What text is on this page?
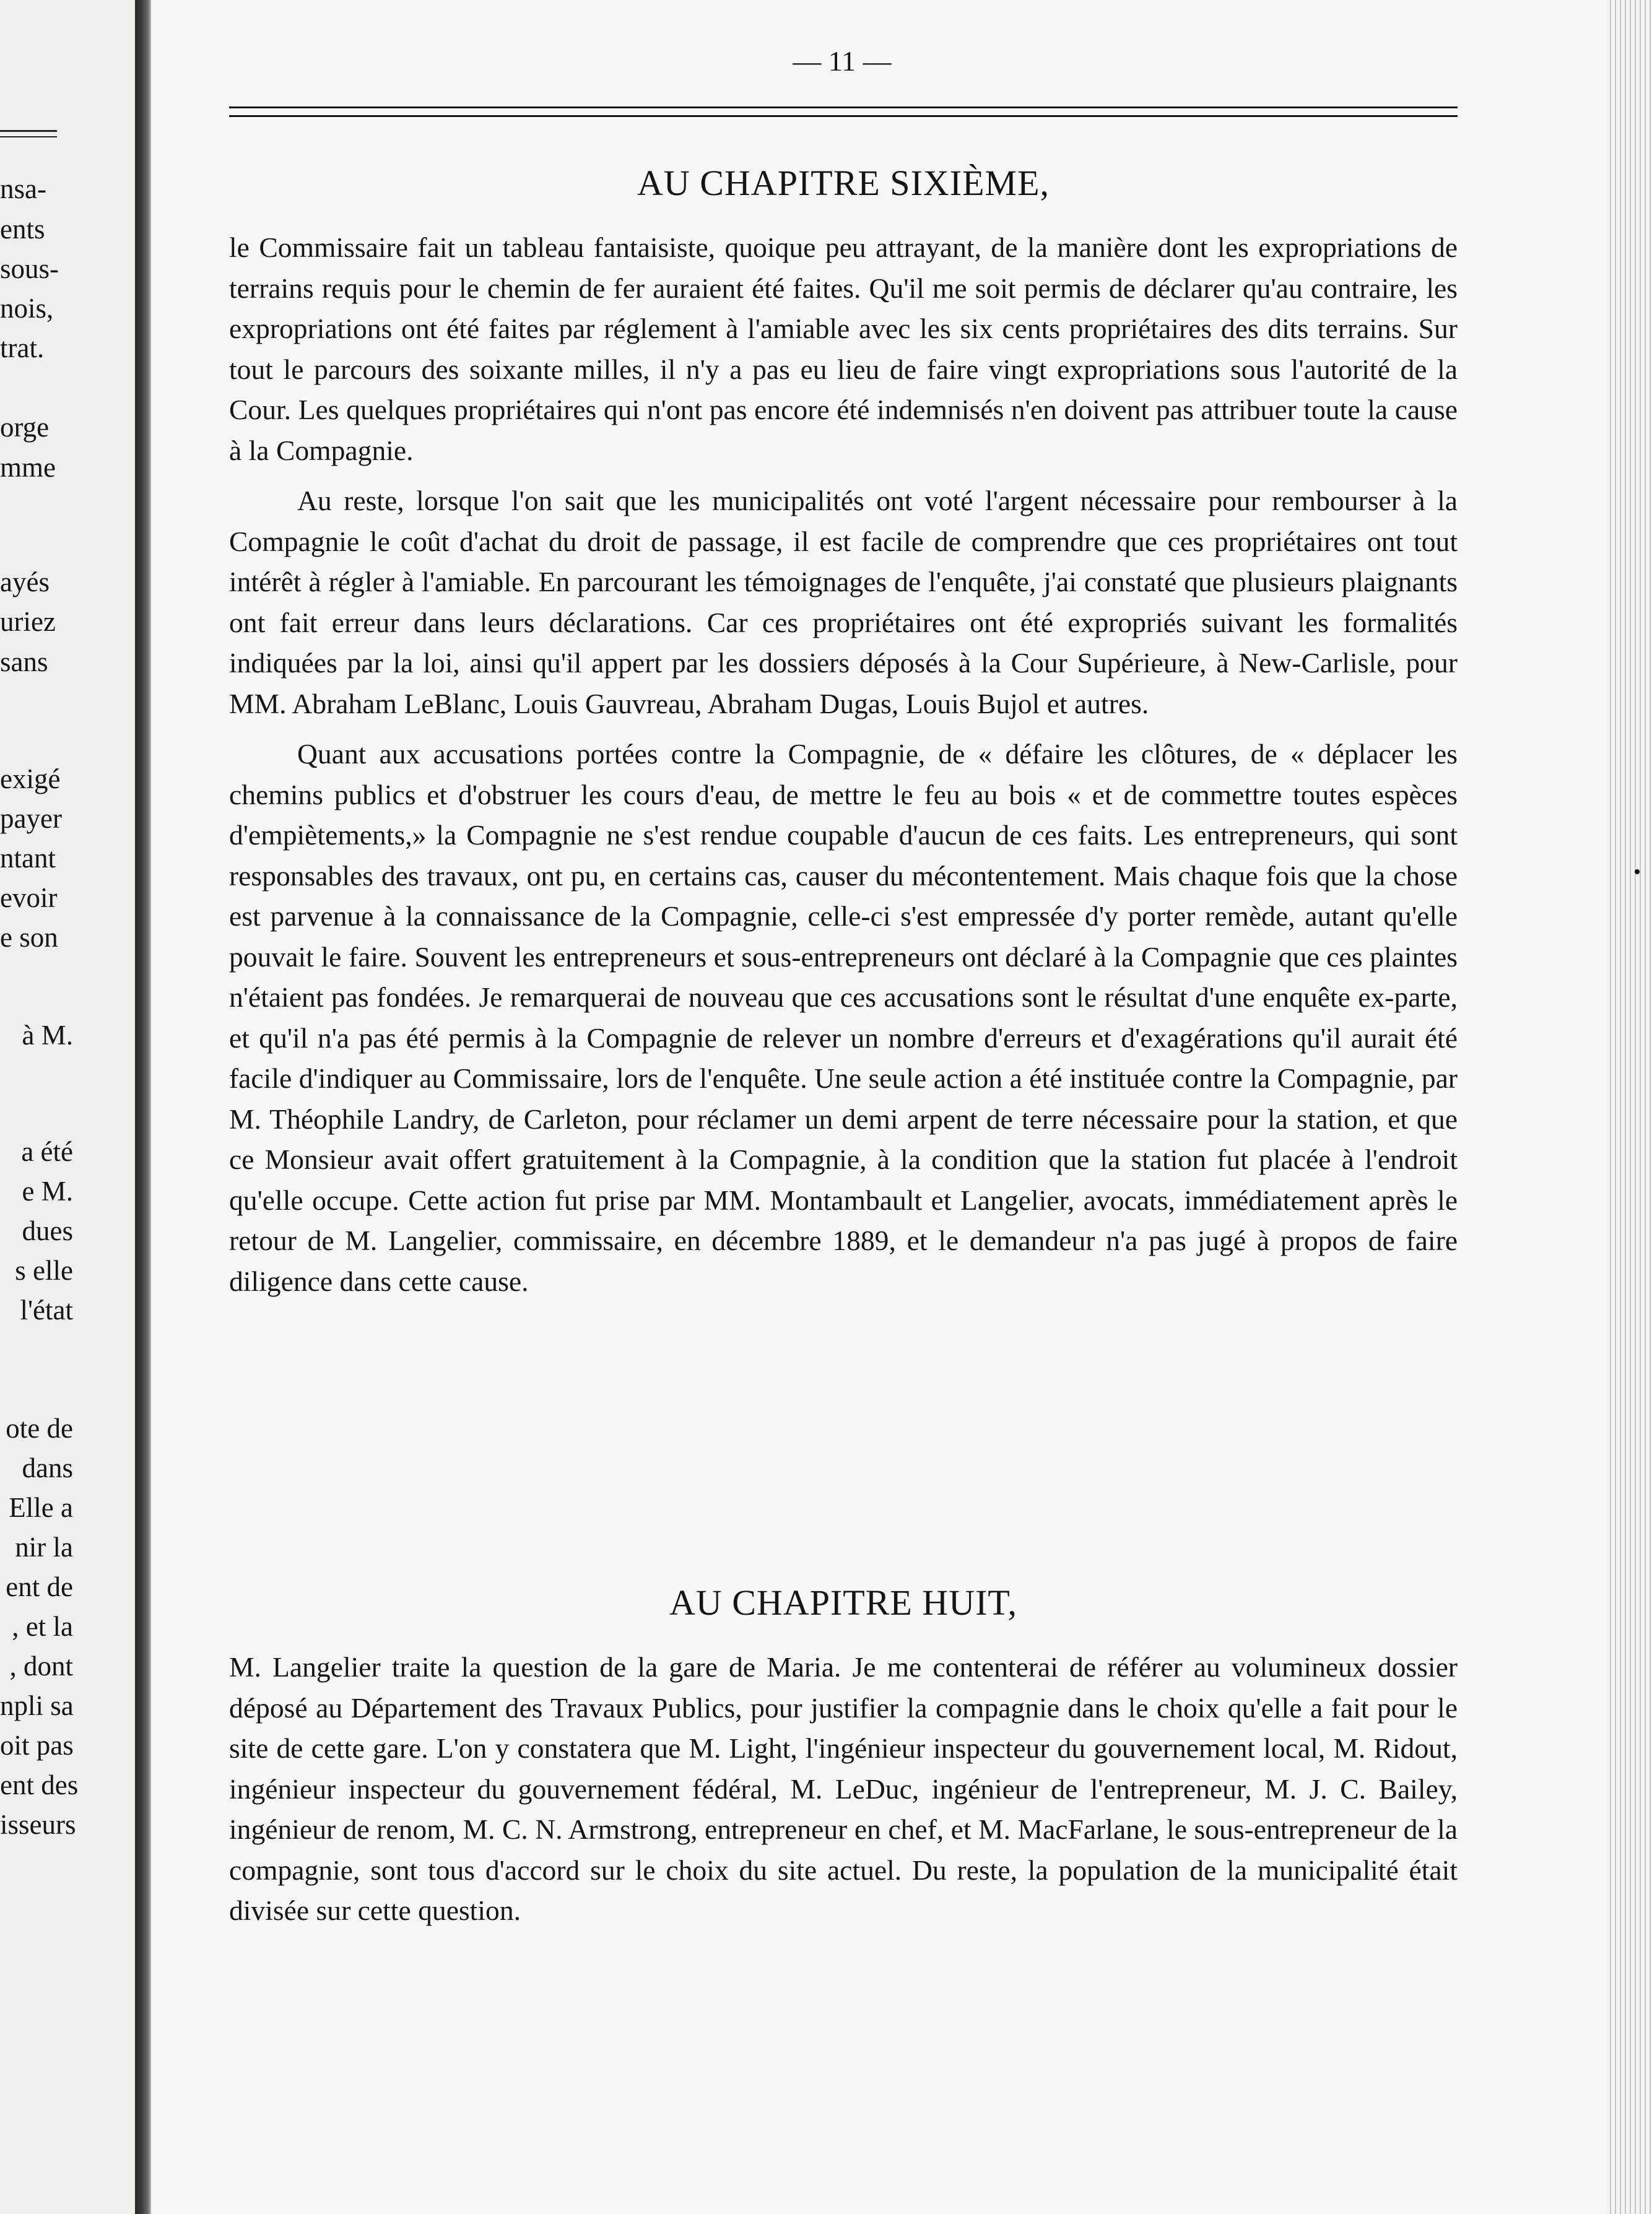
nsa-
ents
sous-
nois,
trat.
orge
mme
ayés
uriez
sans
exigé
payer
ntant
evoir
e son
à M.
a été
e M.
dues
s elle
l'état
ote de
dans
Elle a
nir la
ent de
, et la
, dont
npli sa
oit pas
ent des
isseurs
— 11 —
AU CHAPITRE SIXIÈME,

le Commissaire fait un tableau fantaisiste, quoique peu attrayant, de la manière dont les expropriations de terrains requis pour le chemin de fer auraient été faites. Qu'il me soit permis de déclarer qu'au contraire, les expropriations ont été faites par réglement à l'amiable avec les six cents propriétaires des dits terrains. Sur tout le parcours des soixante milles, il n'y a pas eu lieu de faire vingt expropriations sous l'autorité de la Cour. Les quelques propriétaires qui n'ont pas encore été indemnisés n'en doivent pas attribuer toute la cause à la Compagnie.

Au reste, lorsque l'on sait que les municipalités ont voté l'argent nécessaire pour rembourser à la Compagnie le coût d'achat du droit de passage, il est facile de comprendre que ces propriétaires ont tout intérêt à régler à l'amiable. En parcourant les témoignages de l'enquête, j'ai constaté que plusieurs plaignants ont fait erreur dans leurs déclarations. Car ces propriétaires ont été expropriés suivant les formalités indiquées par la loi, ainsi qu'il appert par les dossiers déposés à la Cour Supérieure, à New-Carlisle, pour MM. Abraham LeBlanc, Louis Gauvreau, Abraham Dugas, Louis Bujol et autres.

Quant aux accusations portées contre la Compagnie, de « défaire les clôtures, de « déplacer les chemins publics et d'obstruer les cours d'eau, de mettre le feu au bois « et de commettre toutes espèces d'empiètements,» la Compagnie ne s'est rendue coupable d'aucun de ces faits. Les entrepreneurs, qui sont responsables des travaux, ont pu, en certains cas, causer du mécontentement. Mais chaque fois que la chose est parvenue à la connaissance de la Compagnie, celle-ci s'est empressée d'y porter remède, autant qu'elle pouvait le faire. Souvent les entrepreneurs et sous-entrepreneurs ont déclaré à la Compagnie que ces plaintes n'étaient pas fondées. Je remarquerai de nouveau que ces accusations sont le résultat d'une enquête ex-parte, et qu'il n'a pas été permis à la Compagnie de relever un nombre d'erreurs et d'exagérations qu'il aurait été facile d'indiquer au Commissaire, lors de l'enquête. Une seule action a été instituée contre la Compagnie, par M. Théophile Landry, de Carleton, pour réclamer un demi arpent de terre nécessaire pour la station, et que ce Monsieur avait offert gratuitement à la Compagnie, à la condition que la station fut placée à l'endroit qu'elle occupe. Cette action fut prise par MM. Montambault et Langelier, avocats, immédiatement après le retour de M. Langelier, commissaire, en décembre 1889, et le demandeur n'a pas jugé à propos de faire diligence dans cette cause.

AU CHAPITRE HUIT,

M. Langelier traite la question de la gare de Maria. Je me contenterai de référer au volumineux dossier déposé au Département des Travaux Publics, pour justifier la compagnie dans le choix qu'elle a fait pour le site de cette gare. L'on y constatera que M. Light, l'ingénieur inspecteur du gouvernement local, M. Ridout, ingénieur inspecteur du gouvernement fédéral, M. LeDuc, ingénieur de l'entrepreneur, M. J. C. Bailey, ingénieur de renom, M. C. N. Armstrong, entrepreneur en chef, et M. MacFarlane, le sous-entrepreneur de la compagnie, sont tous d'accord sur le choix du site actuel. Du reste, la population de la municipalité était divisée sur cette question.
